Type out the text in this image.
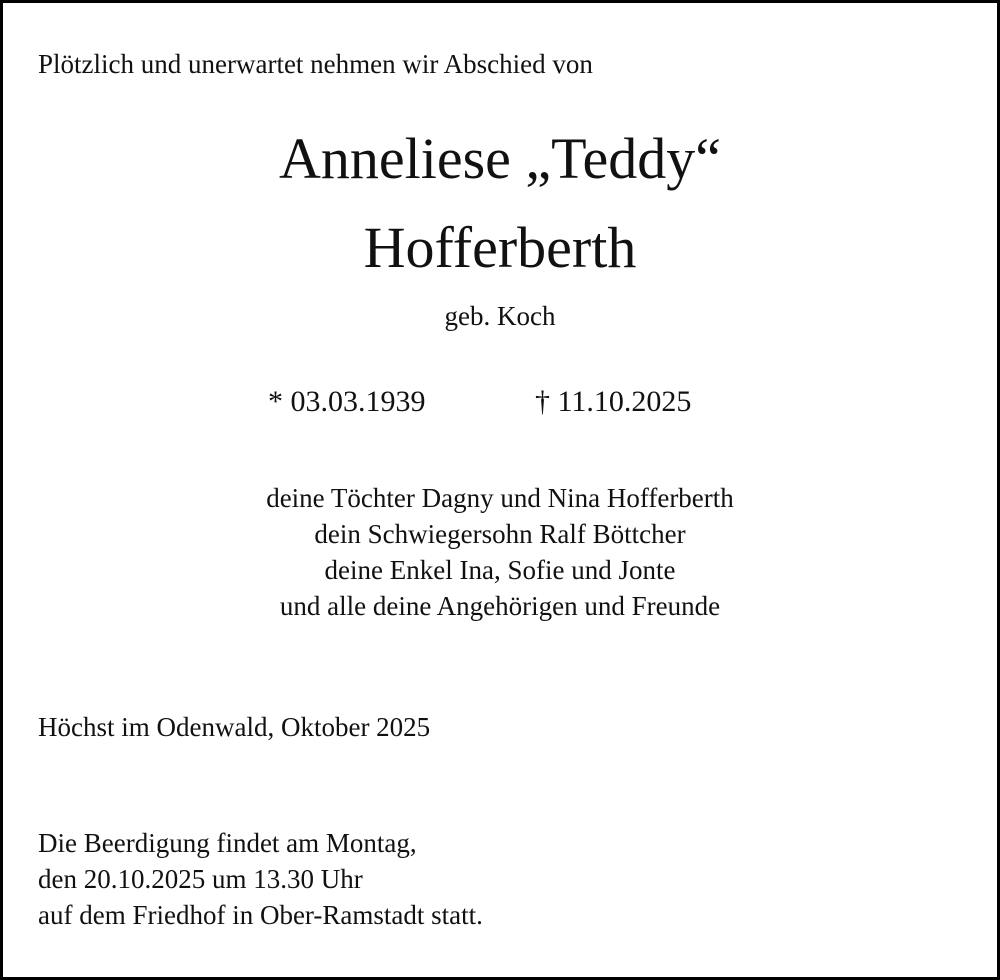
Plötzlich und unerwartet nehmen wir Abschied von
Anneliese „Teddy“
Hofferberth
geb. Koch
* 03.03.1939	† 11.10.2025
deine Töchter Dagny und Nina Hofferberth
dein Schwiegersohn Ralf Böttcher
deine Enkel Ina, Sofie und Jonte
und alle deine Angehörigen und Freunde
Höchst im Odenwald, Oktober 2025
Die Beerdigung findet am Montag,
den 20.10.2025 um 13.30 Uhr
auf dem Friedhof in Ober-Ramstadt statt.
